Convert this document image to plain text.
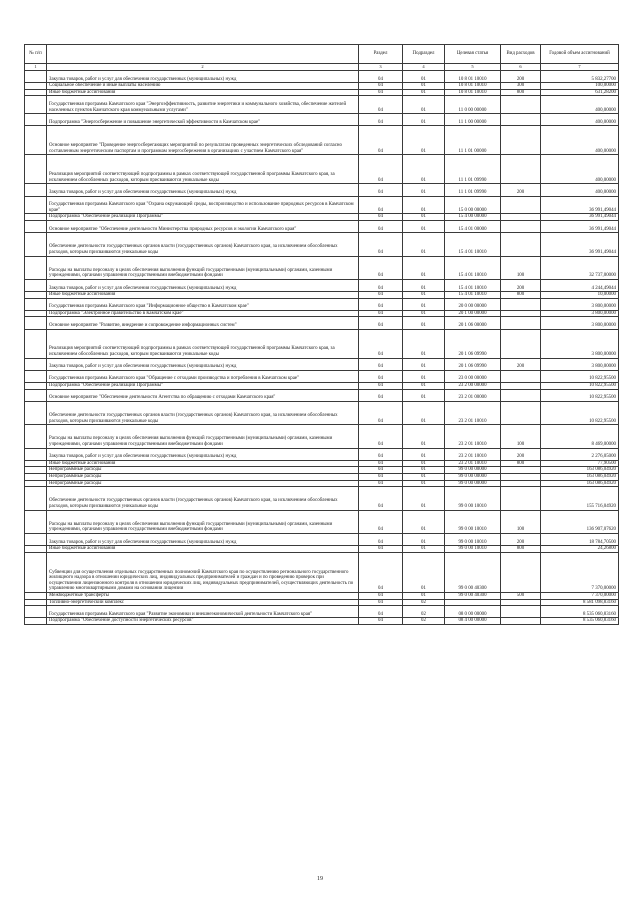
№ п/п		Раздел	Подраздел	Целевая статья	Вид расходов	Годовой объем ассигнований
1	2	3	4	5	6	7
	Закупка товаров, работ и услуг для обеспечения государственных (муниципальных) нужд	04	01	10 8 01 10010	200	5 832,27700
	Социальное обеспечение и иные выплаты населению	04	01	10 8 01 10010	300	100,00000
	Иные бюджетные ассигнования	04	01	10 8 01 10010	800	631,28200
	Государственная программа Камчатского края "Энергоэффективность, развитие энергетики и коммунального хозяйства, обеспечение жителей населенных пунктов Камчатского края коммунальными услугами"	04	01	11 0 00 00000		400,00000
	Подпрограмма "Энергосбережение и повышение энергетической эффективности в Камчатском крае"	04	01	11 1 00 00000		400,00000
	Основное мероприятие "Проведение энергосберегающих мероприятий по результатам проведенных энергетических обследований согласно составленным энергетическим паспортам и программам энергосбережения в организациях с участием Камчатского края"	04	01	11 1 01 00000		400,00000
	Реализация мероприятий соответствующей подпрограммы в рамках соответствующей государственной программы Камчатского края, за исключением обособленных расходов, которым присваиваются уникальные коды	04	01	11 1 01 09990		400,00000
	Закупка товаров, работ и услуг для обеспечения государственных (муниципальных) нужд	04	01	11 1 01 09990	200	400,00000
	Государственная программа Камчатского края "Охрана окружающей среды, воспроизводство и использование природных ресурсов в Камчатском крае"	04	01	15 0 00 00000		36 991,49044
	Подпрограмма "Обеспечение реализации Программы"	04	01	15 4 00 00000		36 991,49044
	Основное мероприятие "Обеспечение деятельности Министерства природных ресурсов и экологии Камчатского края"	04	01	15 4 01 00000		36 991,49044
	Обеспечение деятельности государственных органов власти (государственных органов) Камчатского края, за исключением обособленных расходов, которым присваиваются уникальные коды	04	01	15 4 01 10010		36 991,49044
	Расходы на выплаты персоналу в целях обеспечения выполнения функций государственными (муниципальными) органами, казенными учреждениями, органами управления государственными внебюджетными фондами	04	01	15 4 01 10010	100	32 737,00000
	Закупка товаров, работ и услуг для обеспечения государственных (муниципальных) нужд	04	01	15 4 01 10010	200	4 244,49044
	Иные бюджетные ассигнования	04	01	15 4 01 10010	800	10,00000
	Государственная программа Камчатского края "Информационное общество в Камчатском крае"	04	01	20 0 00 00000		3 800,00000
	Подпрограмма "Электронное правительство в Камчатском крае"	04	01	20 1 00 00000		3 800,00000
	Основное мероприятие "Развитие, внедрение и сопровождение информационных систем"	04	01	20 1 06 00000		3 800,00000
	Реализация мероприятий соответствующей подпрограммы в рамках соответствующей государственной программы Камчатского края, за исключением обособленных расходов, которым присваиваются уникальные коды	04	01	20 1 06 09990		3 800,00000
	Закупка товаров, работ и услуг для обеспечения государственных (муниципальных) нужд	04	01	20 1 06 09990	200	3 800,00000
	Государственная программа Камчатского края "Обращение с отходами производства и потребления в Камчатском крае"	04	01	23 0 00 00000		10 822,95500
	Подпрограмма "Обеспечение реализации Программы"	04	01	23 2 00 00000		10 822,95500
	Основное мероприятие "Обеспечение деятельности Агентства по обращению с отходами Камчатского края"	04	01	23 2 01 00000		10 822,95500
	Обеспечение деятельности государственных органов власти (государственных органов) Камчатского края, за исключением обособленных расходов, которым присваиваются уникальные коды	04	01	23 2 01 10010		10 822,95500
	Расходы на выплаты персоналу в целях обеспечения выполнения функций государственными (муниципальными) органами, казенными учреждениями, органами управления государственными внебюджетными фондами	04	01	23 2 01 10010	100	8 469,00000
	Закупка товаров, работ и услуг для обеспечения государственных (муниципальных) нужд	04	01	23 2 01 10010	200	2 276,05000
	Иные бюджетные ассигнования	04	01	23 2 01 10010	800	77,90500
	Непрограммные расходы	04	01	99 0 00 00000		163 086,04920
	Непрограммные расходы	04	01	99 0 00 00000		163 086,04920
	Непрограммные расходы	04	01	99 0 00 00000		163 086,04920
	Обеспечение деятельности государственных органов власти (государственных органов) Камчатского края, за исключением обособленных расходов, которым присваиваются уникальные коды	04	01	99 0 00 10010		155 716,04920
	Расходы на выплаты персоналу в целях обеспечения выполнения функций государственными (муниципальными) органами, казенными учреждениями, органами управления государственными внебюджетными фондами	04	01	99 0 00 10010	100	136 907,07620
	Закупка товаров, работ и услуг для обеспечения государственных (муниципальных) нужд	04	01	99 0 00 10010	200	18 784,70500
	Иные бюджетные ассигнования	04	01	99 0 00 10010	800	24,26800
	Субвенции для осуществления отдельных государственных полномочий Камчатского края по осуществлению регионального государственного жилищного надзора в отношении юридических лиц, индивидуальных предпринимателей и граждан и по проведению проверок при осуществлении лицензионного контроля в отношении юридических лиц, индивидуальных предпринимателей, осуществляющих деятельность по управлению многоквартирными домами на основании лицензии	04	01	99 0 00 40300		7 370,00000
	Межбюджетные трансферты	04	01	99 0 00 40300	500	7 370,00000
	Топливно-энергетический комплекс	04	02			8 581 098,83160
	Государственная программа Камчатского края "Развитие экономики и внешнеэкономической деятельности Камчатского края"	04	02	08 0 00 00000		8 535 060,83160
	Подпрограмма "Обеспечение доступности энергетических ресурсов"	04	02	08 4 00 00000		8 535 060,83160
19
